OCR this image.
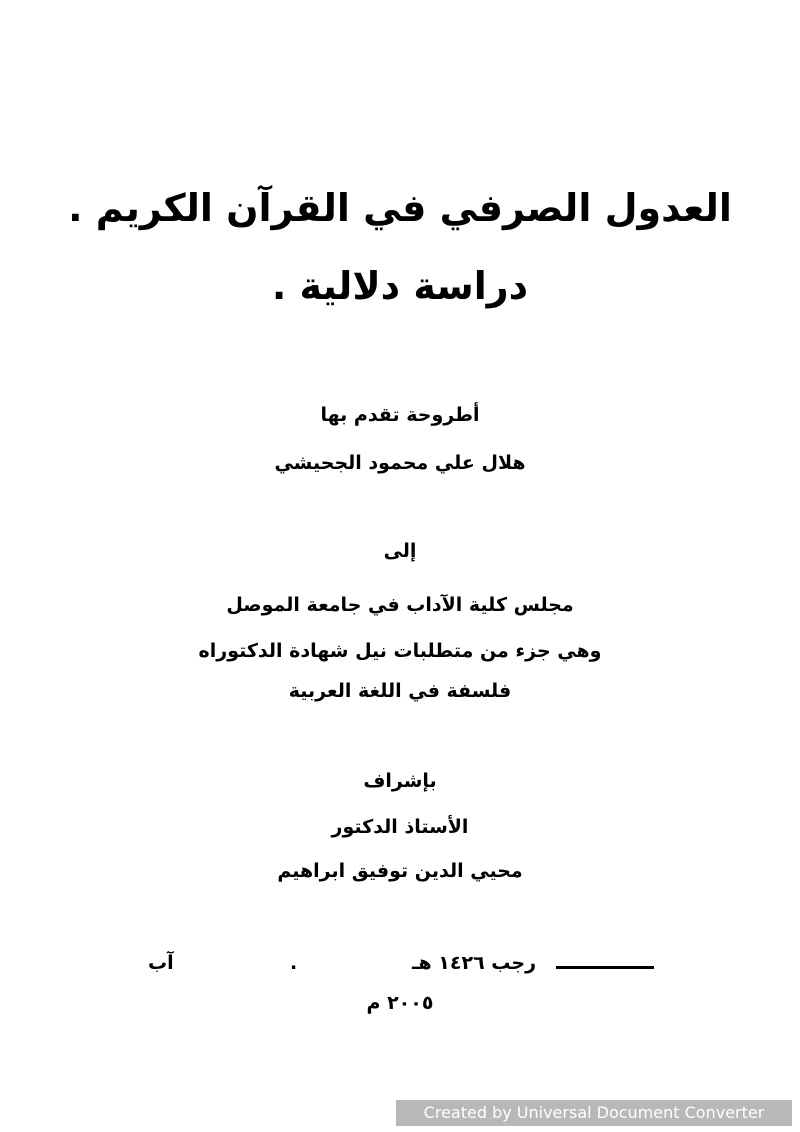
العدول الصرفي في القرآن الكريم .
دراسة دلالية .
أطروحة تقدم بها
هلال علي محمود الجحيشي
إلى
مجلس كلية الآداب في جامعة الموصل
وهي جزء من متطلبات نيل شهادة الدكتوراه
فلسفة في اللغة العربية
بإشراف
الأستاذ الدكتور
محيي الدين توفيق ابراهيم
رجب ١٤٢٦ هـ
.
آب
٢٠٠٥ م
Created by Universal Document Converter
